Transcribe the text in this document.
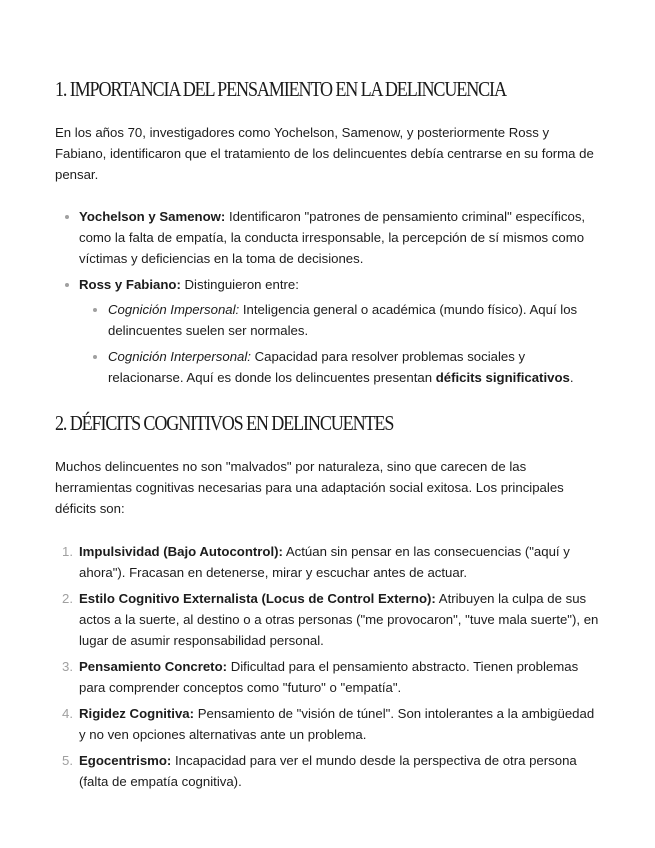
1. IMPORTANCIA DEL PENSAMIENTO EN LA DELINCUENCIA

En los años 70, investigadores como Yochelson, Samenow, y posteriormente Ross y Fabiano, identificaron que el tratamiento de los delincuentes debía centrarse en su forma de pensar.

Yochelson y Samenow: Identificaron "patrones de pensamiento criminal" específicos, como la falta de empatía, la conducta irresponsable, la percepción de sí mismos como víctimas y deficiencias en la toma de decisiones.
Ross y Fabiano: Distinguieron entre:
Cognición Impersonal: Inteligencia general o académica (mundo físico). Aquí los delincuentes suelen ser normales.
Cognición Interpersonal: Capacidad para resolver problemas sociales y relacionarse. Aquí es donde los delincuentes presentan déficits significativos.
2. DÉFICITS COGNITIVOS EN DELINCUENTES

Muchos delincuentes no son "malvados" por naturaleza, sino que carecen de las herramientas cognitivas necesarias para una adaptación social exitosa. Los principales déficits son:

1. Impulsividad (Bajo Autocontrol): Actúan sin pensar en las consecuencias ("aquí y ahora"). Fracasan en detenerse, mirar y escuchar antes de actuar.
2. Estilo Cognitivo Externalista (Locus de Control Externo): Atribuyen la culpa de sus actos a la suerte, al destino o a otras personas ("me provocaron", "tuve mala suerte"), en lugar de asumir responsabilidad personal.
3. Pensamiento Concreto: Dificultad para el pensamiento abstracto. Tienen problemas para comprender conceptos como "futuro" o "empatía".
4. Rigidez Cognitiva: Pensamiento de "visión de túnel". Son intolerantes a la ambigüedad y no ven opciones alternativas ante un problema.
5. Egocentrismo: Incapacidad para ver el mundo desde la perspectiva de otra persona (falta de empatía cognitiva).
